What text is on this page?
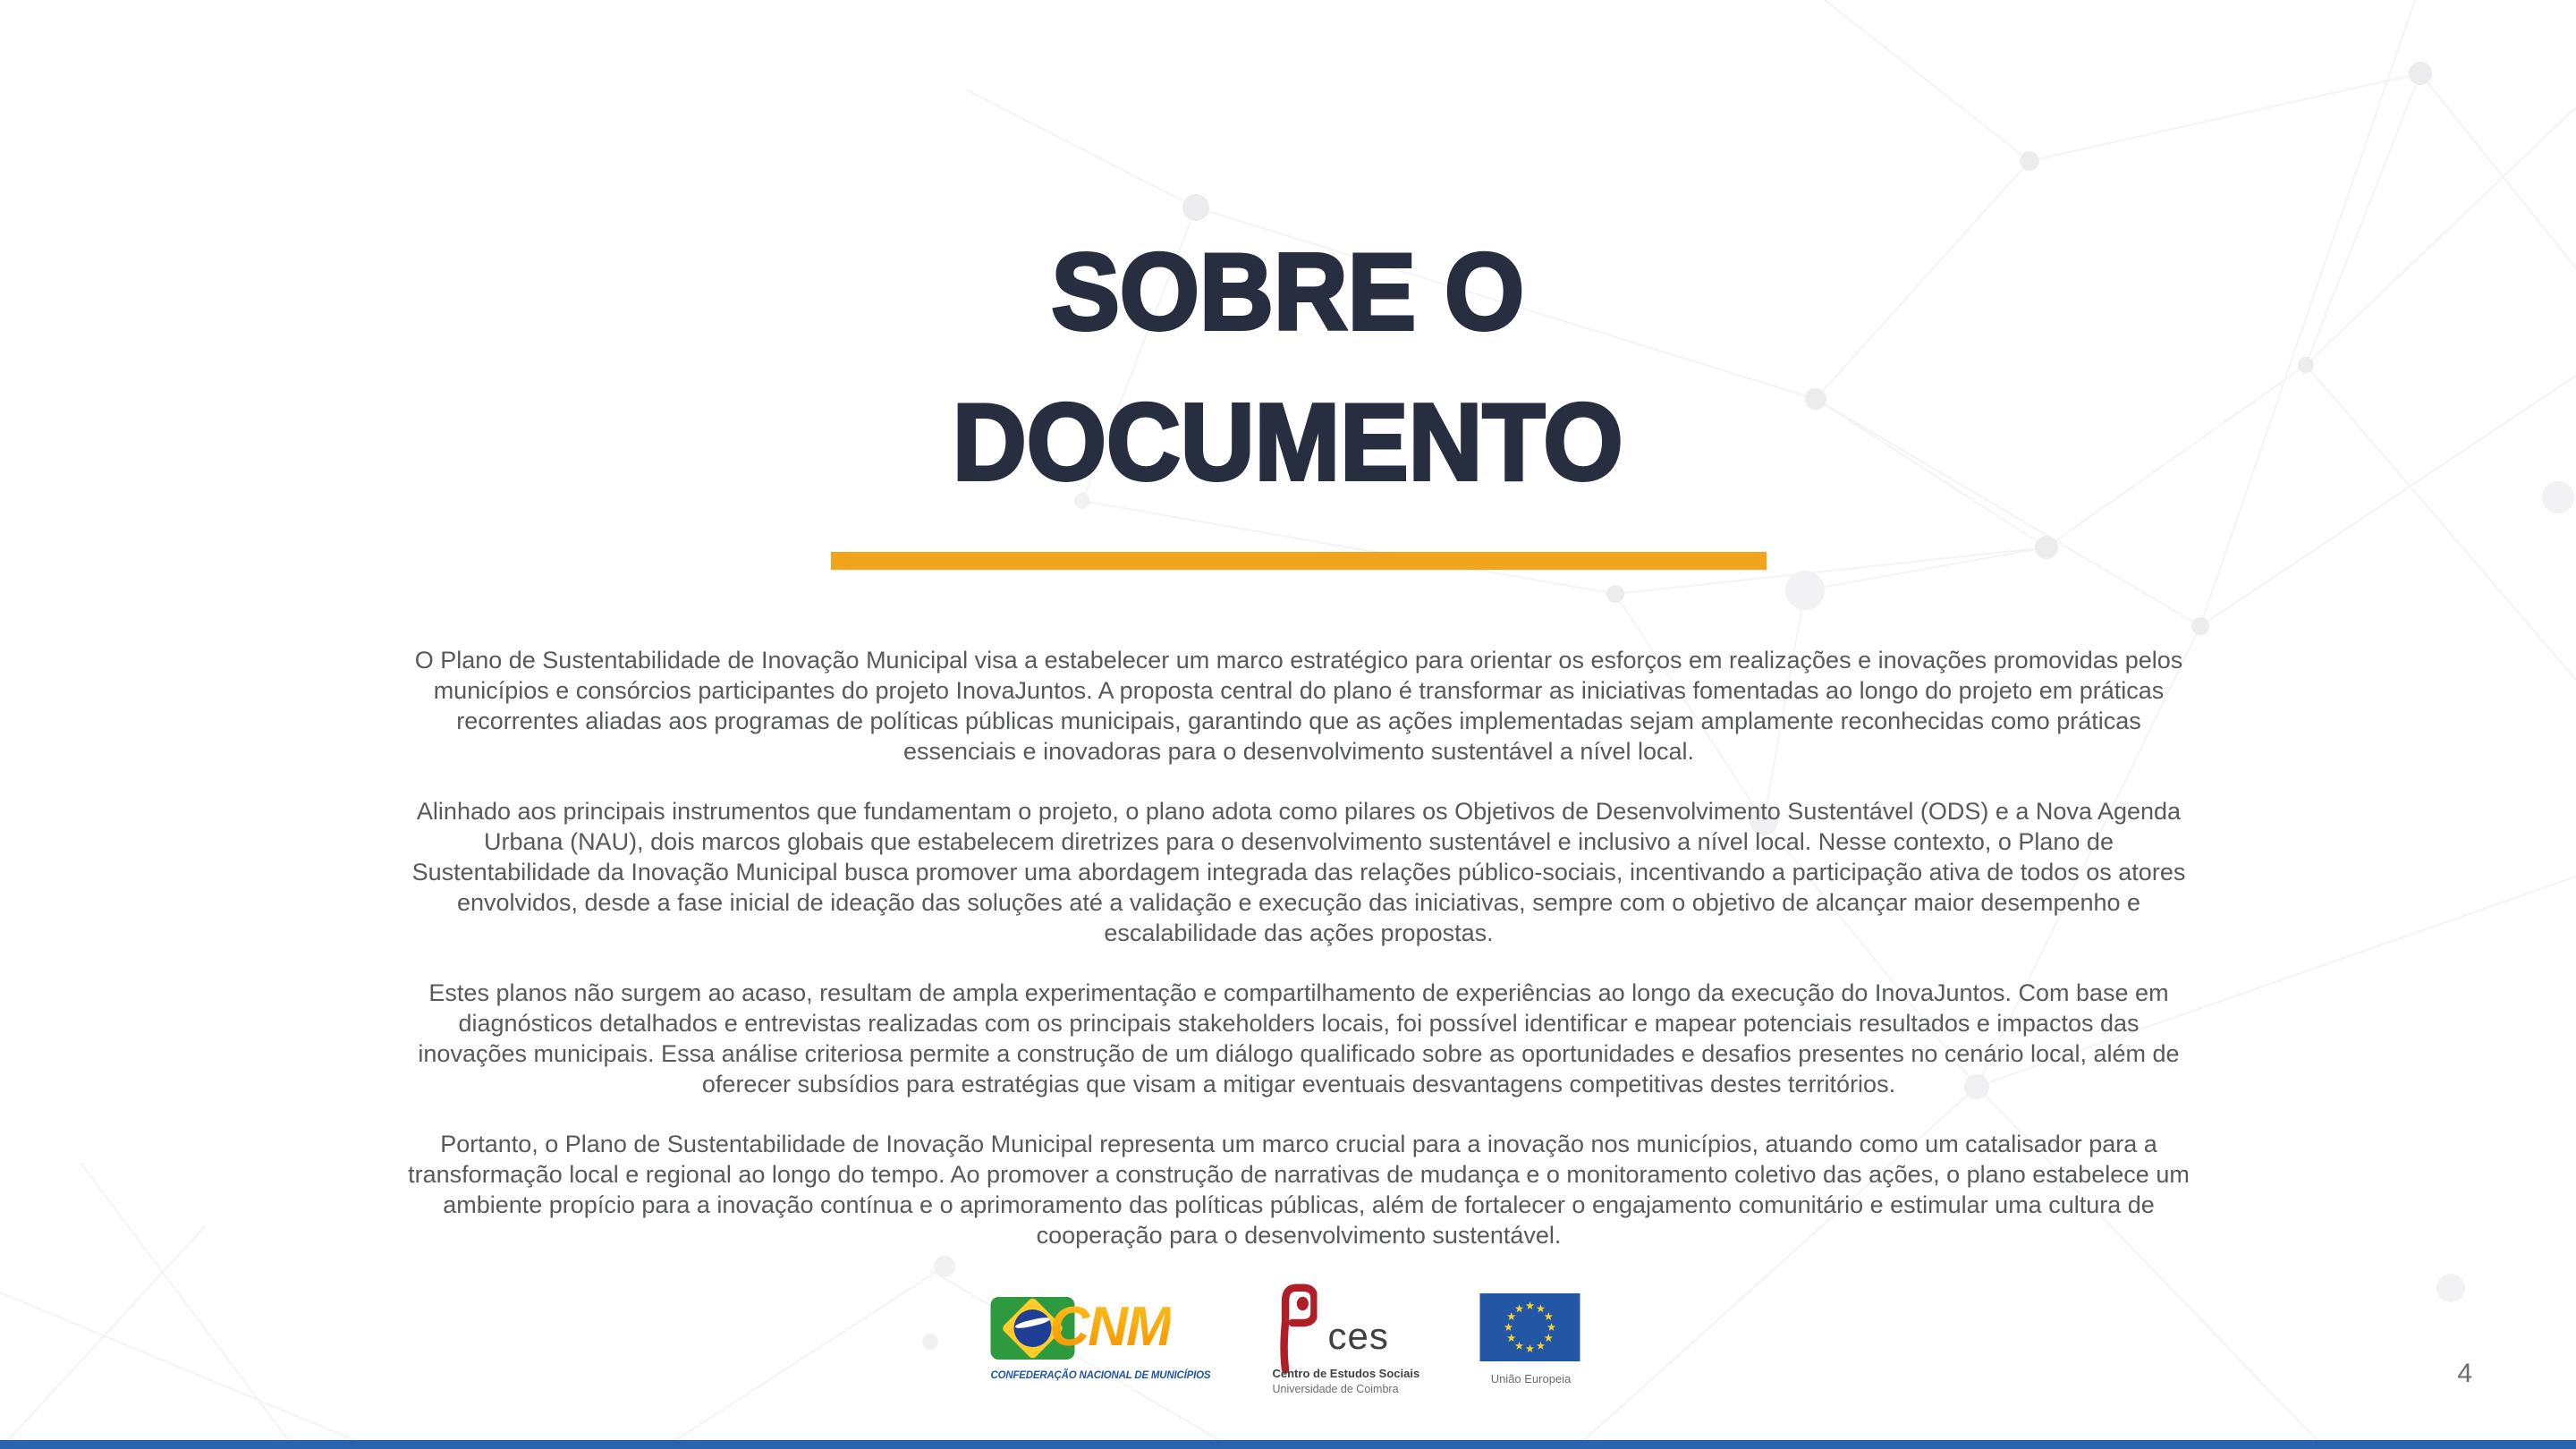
SOBRE O
DOCUMENTO

O Plano de Sustentabilidade de Inovação Municipal visa a estabelecer um marco estratégico para orientar os esforços em realizações e inovações promovidas pelos municípios e consórcios participantes do projeto InovaJuntos. A proposta central do plano é transformar as iniciativas fomentadas ao longo do projeto em práticas recorrentes aliadas aos programas de políticas públicas municipais, garantindo que as ações implementadas sejam amplamente reconhecidas como práticas essenciais e inovadoras para o desenvolvimento sustentável a nível local.

Alinhado aos principais instrumentos que fundamentam o projeto, o plano adota como pilares os Objetivos de Desenvolvimento Sustentável (ODS) e a Nova Agenda Urbana (NAU), dois marcos globais que estabelecem diretrizes para o desenvolvimento sustentável e inclusivo a nível local. Nesse contexto, o Plano de Sustentabilidade da Inovação Municipal busca promover uma abordagem integrada das relações público-sociais, incentivando a participação ativa de todos os atores envolvidos, desde a fase inicial de ideação das soluções até a validação e execução das iniciativas, sempre com o objetivo de alcançar maior desempenho e escalabilidade das ações propostas.

Estes planos não surgem ao acaso, resultam de ampla experimentação e compartilhamento de experiências ao longo da execução do InovaJuntos. Com base em diagnósticos detalhados e entrevistas realizadas com os principais stakeholders locais, foi possível identificar e mapear potenciais resultados e impactos das inovações municipais. Essa análise criteriosa permite a construção de um diálogo qualificado sobre as oportunidades e desafios presentes no cenário local, além de oferecer subsídios para estratégias que visam a mitigar eventuais desvantagens competitivas destes territórios.

Portanto, o Plano de Sustentabilidade de Inovação Municipal representa um marco crucial para a inovação nos municípios, atuando como um catalisador para a transformação local e regional ao longo do tempo. Ao promover a construção de narrativas de mudança e o monitoramento coletivo das ações, o plano estabelece um ambiente propício para a inovação contínua e o aprimoramento das políticas públicas, além de fortalecer o engajamento comunitário e estimular uma cultura de cooperação para o desenvolvimento sustentável.

CNM
CONFEDERAÇÃO NACIONAL DE MUNICÍPIOS
ces
Centro de Estudos Sociais
Universidade de Coimbra
União Europeia	4
